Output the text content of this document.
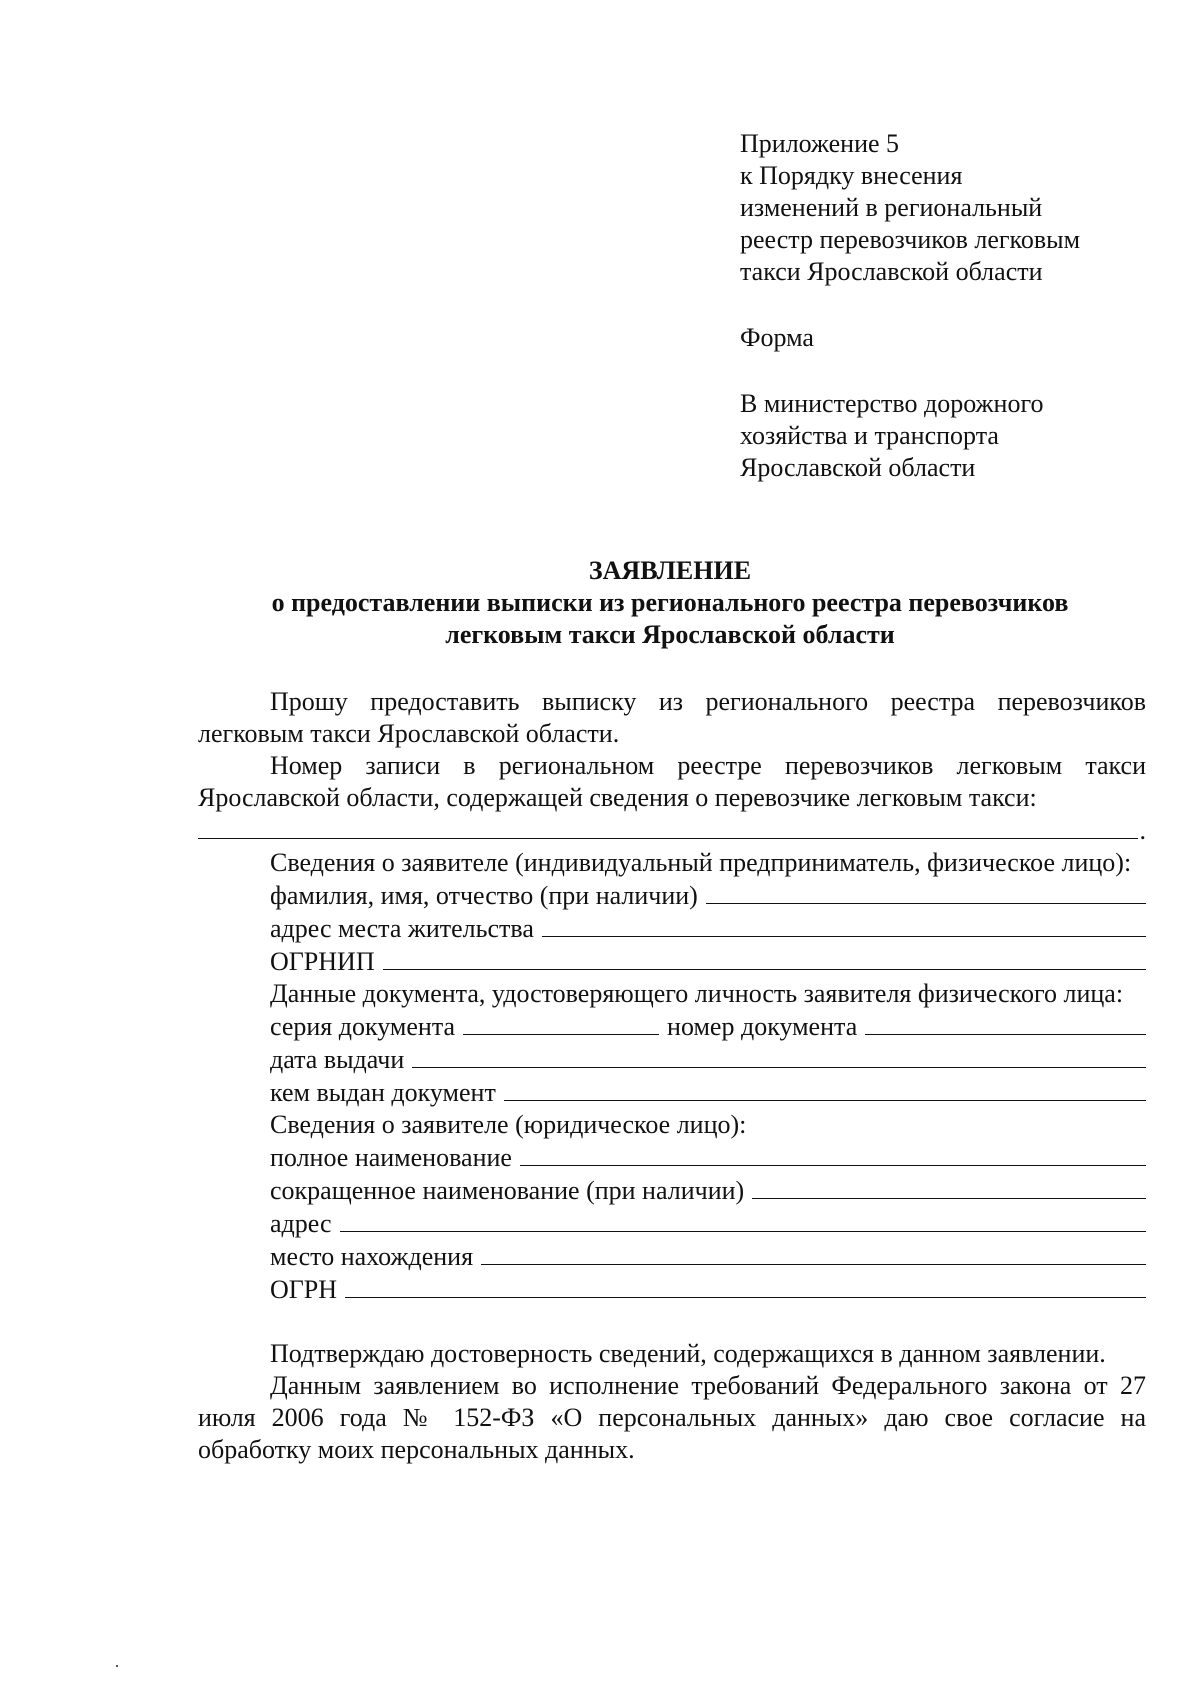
Приложение 5
к Порядку внесения
изменений в региональный
реестр перевозчиков легковым
такси Ярославской области
Форма
В министерство дорожного
хозяйства и транспорта
Ярославской области
ЗАЯВЛЕНИЕ
о предоставлении выписки из регионального реестра перевозчиков
легковым такси Ярославской области
Прошу предоставить выписку из регионального реестра перевозчиков легковым такси Ярославской области.
Номер записи в региональном реестре перевозчиков легковым такси Ярославской области, содержащей сведения о перевозчике легковым такси:
.
Сведения о заявителе (индивидуальный предприниматель, физическое лицо):
фамилия, имя, отчество (при наличии)
адрес места жительства
ОГРНИП
Данные документа, удостоверяющего личность заявителя физического лица:
серия документа	номер документа
дата выдачи
кем выдан документ
Сведения о заявителе (юридическое лицо):
полное наименование
сокращенное наименование (при наличии)
адрес
место нахождения
ОГРН
Подтверждаю достоверность сведений, содержащихся в данном заявлении.
Данным заявлением во исполнение требований Федерального закона от 27 июля 2006 года № 152-ФЗ «О персональных данных» даю свое согласие на обработку моих персональных данных.
